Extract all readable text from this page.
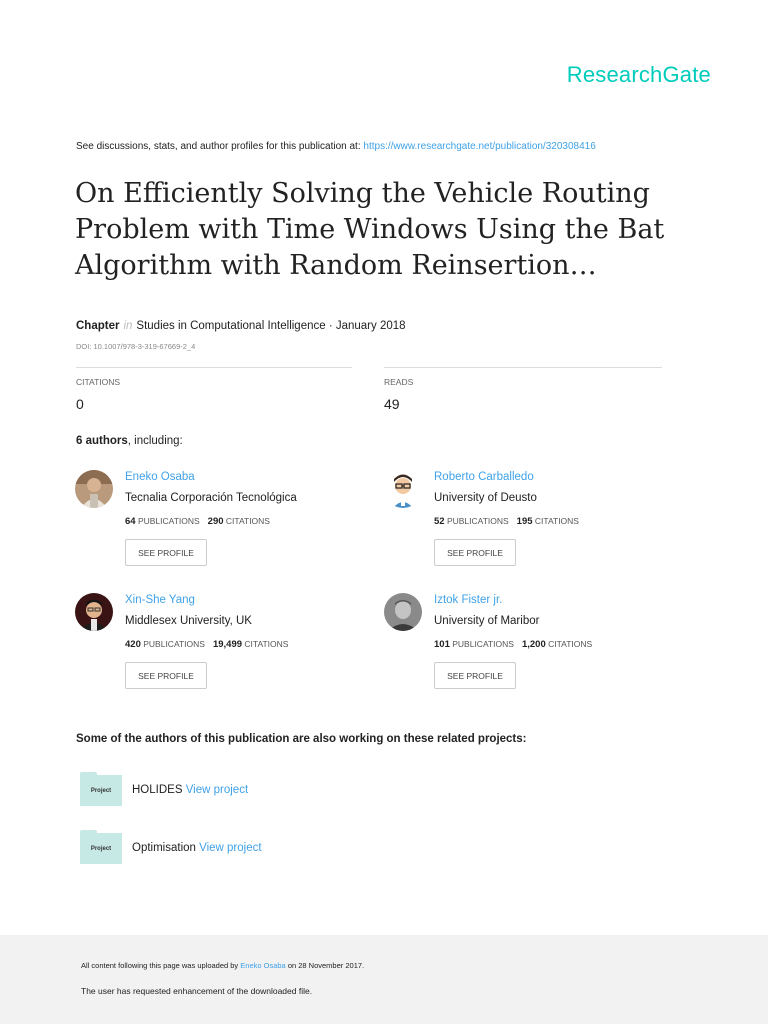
ResearchGate
See discussions, stats, and author profiles for this publication at: https://www.researchgate.net/publication/320308416
On Efficiently Solving the Vehicle Routing
Problem with Time Windows Using the Bat
Algorithm with Random Reinsertion…
Chapter in Studies in Computational Intelligence · January 2018
DOI: 10.1007/978-3-319-67669-2_4
CITATIONS
0
READS
49
6 authors, including:
Eneko Osaba
Tecnalia Corporación Tecnológica
64 PUBLICATIONS 290 CITATIONS
SEE PROFILE
Roberto Carballedo
University of Deusto
52 PUBLICATIONS 195 CITATIONS
SEE PROFILE
Xin-She Yang
Middlesex University, UK
420 PUBLICATIONS 19,499 CITATIONS
SEE PROFILE
Iztok Fister jr.
University of Maribor
101 PUBLICATIONS 1,200 CITATIONS
SEE PROFILE
Some of the authors of this publication are also working on these related projects:
Project	HOLIDES View project
Project	Optimisation View project
All content following this page was uploaded by Eneko Osaba on 28 November 2017.
The user has requested enhancement of the downloaded file.
